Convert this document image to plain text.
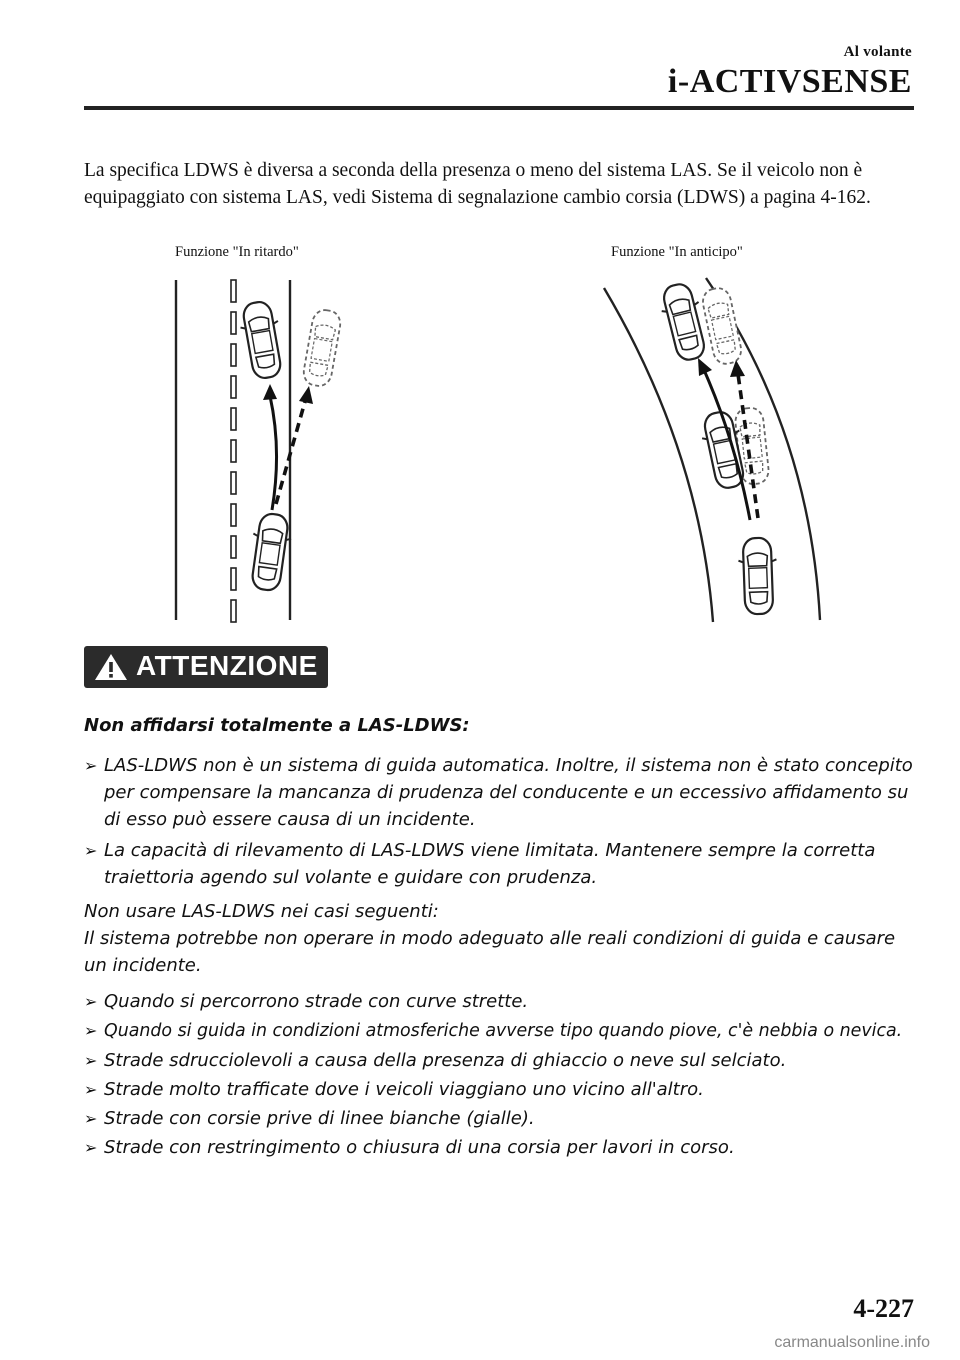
Al volante
i-ACTIVSENSE
La specifica LDWS è diversa a seconda della presenza o meno del sistema LAS. Se il veicolo non è equipaggiato con sistema LAS, vedi Sistema di segnalazione cambio corsia (LDWS) a pagina 4-162.
Funzione "In ritardo"	Funzione "In anticipo"
ATTENZIONE
Non affidarsi totalmente a LAS-LDWS:
➢ LAS-LDWS non è un sistema di guida automatica. Inoltre, il sistema non è stato concepito per compensare la mancanza di prudenza del conducente e un eccessivo affidamento su di esso può essere causa di un incidente.
➢ La capacità di rilevamento di LAS-LDWS viene limitata. Mantenere sempre la corretta traiettoria agendo sul volante e guidare con prudenza.
Non usare LAS-LDWS nei casi seguenti:
Il sistema potrebbe non operare in modo adeguato alle reali condizioni di guida e causare un incidente.
➢ Quando si percorrono strade con curve strette.
➢ Quando si guida in condizioni atmosferiche avverse tipo quando piove, c'è nebbia o nevica.
➢ Strade sdrucciolevoli a causa della presenza di ghiaccio o neve sul selciato.
➢ Strade molto trafficate dove i veicoli viaggiano uno vicino all'altro.
➢ Strade con corsie prive di linee bianche (gialle).
➢ Strade con restringimento o chiusura di una corsia per lavori in corso.
4-227
carmanualsonline.info
